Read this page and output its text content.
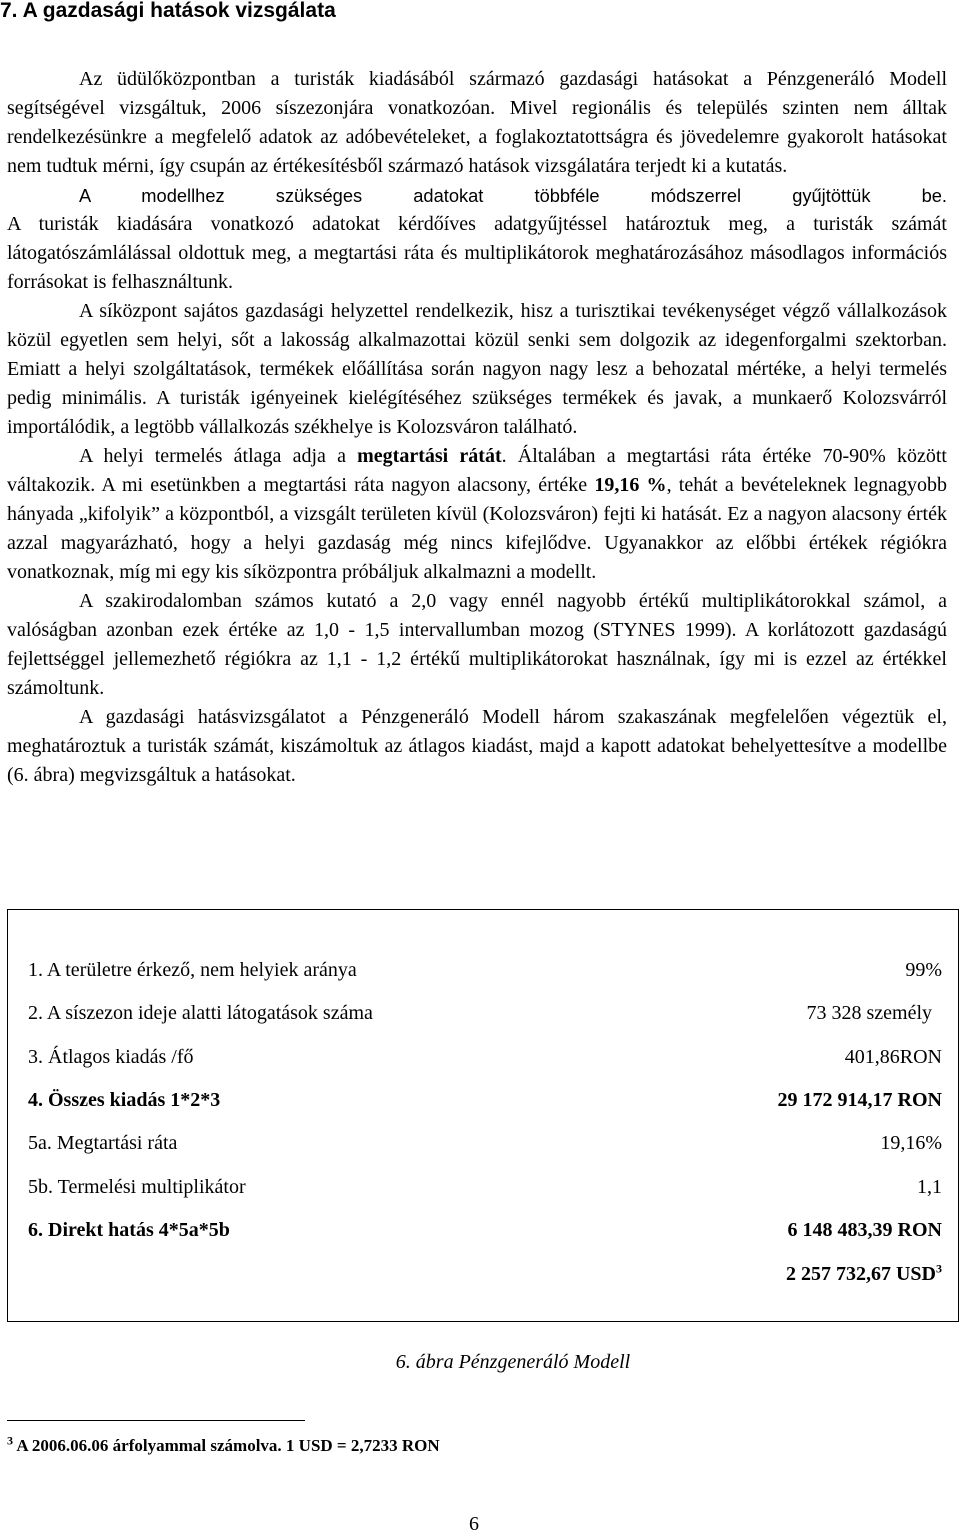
7. A gazdasági hatások vizsgálata

Az üdülőközpontban a turisták kiadásából származó gazdasági hatásokat a Pénzgeneráló Modell segítségével vizsgáltuk, 2006 síszezonjára vonatkozóan. Mivel regionális és település szinten nem álltak rendelkezésünkre a megfelelő adatok az adóbevételeket, a foglakoztatottságra és jövedelemre gyakorolt hatásokat nem tudtuk mérni, így csupán az értékesítésből származó hatások vizsgálatára terjedt ki a kutatás.

A modellhez szükséges adatokat többféle módszerrel gyűjtöttük be.

A turisták kiadására vonatkozó adatokat kérdőíves adatgyűjtéssel határoztuk meg, a turisták számát látogatószámlálással oldottuk meg, a megtartási ráta és multiplikátorok meghatározásához másodlagos információs forrásokat is felhasználtunk.

A síközpont sajátos gazdasági helyzettel rendelkezik, hisz a turisztikai tevékenységet végző vállalkozások közül egyetlen sem helyi, sőt a lakosság alkalmazottai közül senki sem dolgozik az idegenforgalmi szektorban. Emiatt a helyi szolgáltatások, termékek előállítása során nagyon nagy lesz a behozatal mértéke, a helyi termelés pedig minimális. A turisták igényeinek kielégítéséhez szükséges termékek és javak, a munkaerő Kolozsvárról importálódik, a legtöbb vállalkozás székhelye is Kolozsváron található.

A helyi termelés átlaga adja a megtartási rátát. Általában a megtartási ráta értéke 70-90% között váltakozik. A mi esetünkben a megtartási ráta nagyon alacsony, értéke 19,16 %, tehát a bevételeknek legnagyobb hányada „kifolyik” a központból, a vizsgált területen kívül (Kolozsváron) fejti ki hatását. Ez a nagyon alacsony érték azzal magyarázható, hogy a helyi gazdaság még nincs kifejlődve. Ugyanakkor az előbbi értékek régiókra vonatkoznak, míg mi egy kis síközpontra próbáljuk alkalmazni a modellt.

A szakirodalomban számos kutató a 2,0 vagy ennél nagyobb értékű multiplikátorokkal számol, a valóságban azonban ezek értéke az 1,0 - 1,5 intervallumban mozog (STYNES 1999). A korlátozott gazdaságú fejlettséggel jellemezhető régiókra az 1,1 - 1,2 értékű multiplikátorokat használnak, így mi is ezzel az értékkel számoltunk.

A gazdasági hatásvizsgálatot a Pénzgeneráló Modell három szakaszának megfelelően végeztük el, meghatároztuk a turisták számát, kiszámoltuk az átlagos kiadást, majd a kapott adatokat behelyettesítve a modellbe (6. ábra) megvizsgáltuk a hatásokat.

1. A területre érkező, nem helyiek aránya	99%
2. A síszezon ideje alatti látogatások száma	73 328 személy
3. Átlagos kiadás /fő	401,86RON
4. Összes kiadás 1*2*3	29 172 914,17 RON
5a. Megtartási ráta	19,16%
5b. Termelési multiplikátor	1,1
6. Direkt hatás 4*5a*5b	6 148 483,39 RON
2 257 732,67 USD$^3$
6. ábra Pénzgeneráló Modell
$^3$ A 2006.06.06 árfolyammal számolva. 1 USD = 2,7233 RON
6
